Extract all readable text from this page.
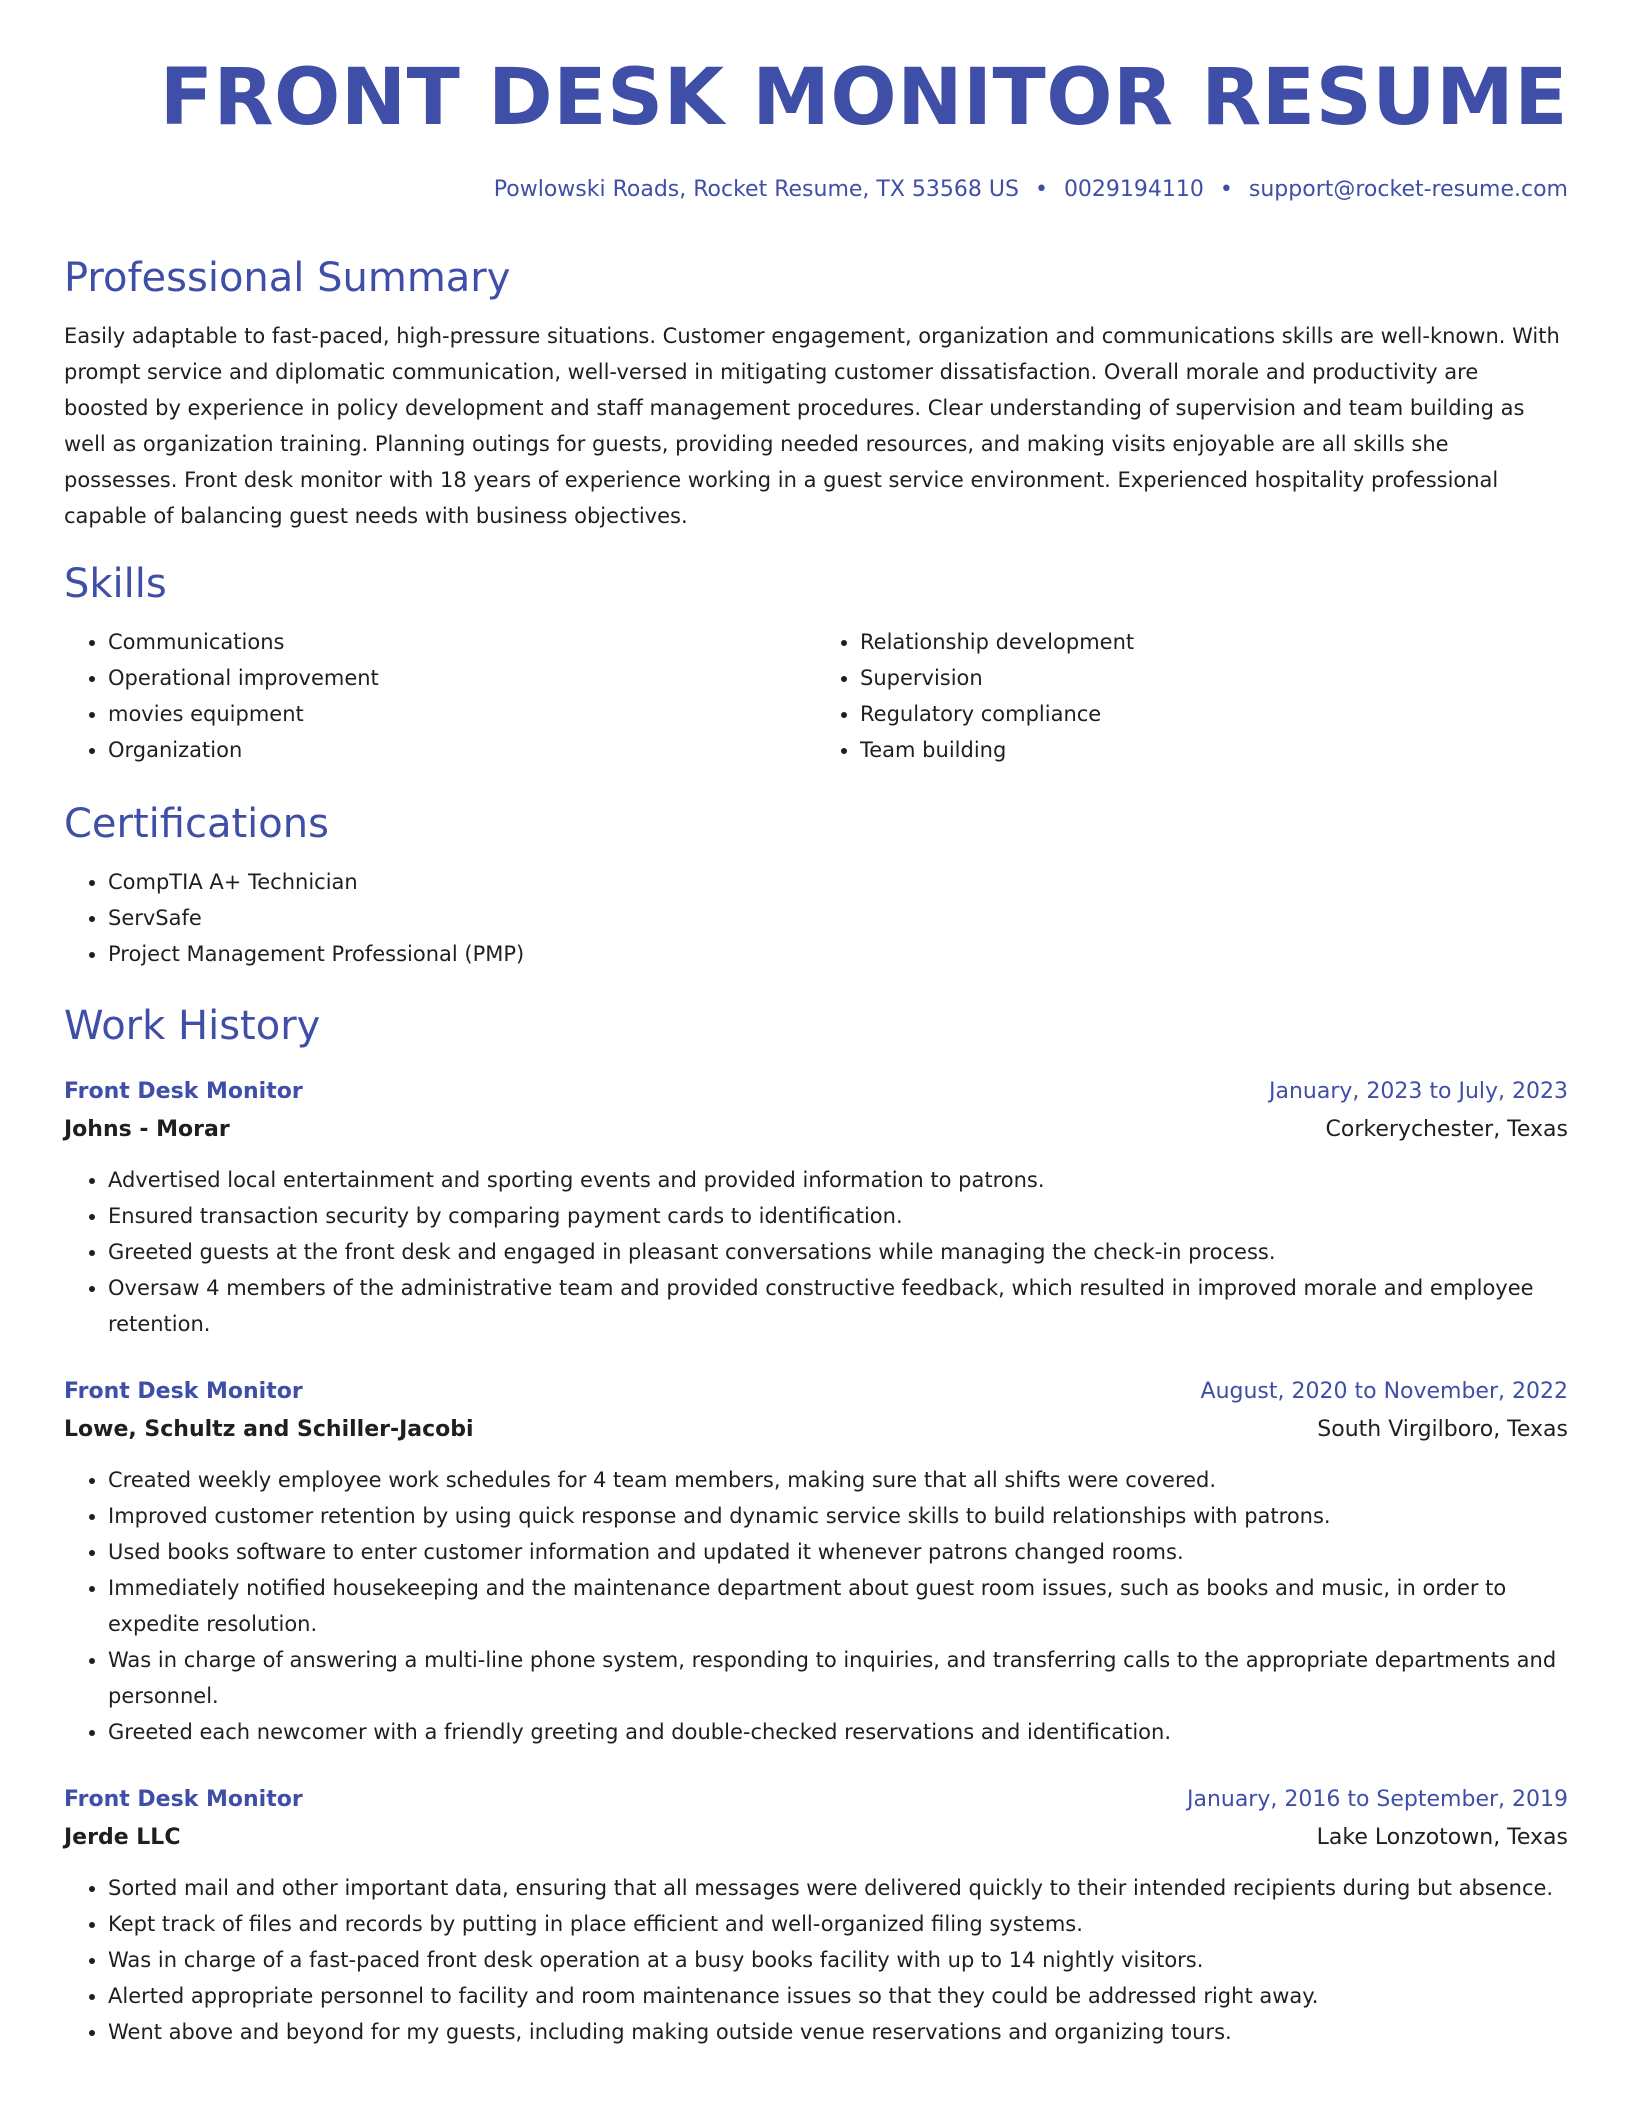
FRONT DESK MONITOR RESUME
Powlowski Roads, Rocket Resume, TX 53568 US • 0029194110 • support@rocket-resume.com
Professional Summary

Easily adaptable to fast-paced, high-pressure situations. Customer engagement, organization and communications skills are well-known. With prompt service and diplomatic communication, well-versed in mitigating customer dissatisfaction. Overall morale and productivity are boosted by experience in policy development and staff management procedures. Clear understanding of supervision and team building as well as organization training. Planning outings for guests, providing needed resources, and making visits enjoyable are all skills she possesses. Front desk monitor with 18 years of experience working in a guest service environment. Experienced hospitality professional capable of balancing guest needs with business objectives.

Skills
• Communications
• Operational improvement
• movies equipment
• Organization
• Relationship development
• Supervision
• Regulatory compliance
• Team building
Certifications
• CompTIA A+ Technician
• ServSafe
• Project Management Professional (PMP)
Work History
Front Desk Monitor	January, 2023 to July, 2023
Johns - Morar	Corkerychester, Texas
• Advertised local entertainment and sporting events and provided information to patrons.
• Ensured transaction security by comparing payment cards to identification.
• Greeted guests at the front desk and engaged in pleasant conversations while managing the check-in process.
• Oversaw 4 members of the administrative team and provided constructive feedback, which resulted in improved morale and employee retention.
Front Desk Monitor	August, 2020 to November, 2022
Lowe, Schultz and Schiller-Jacobi	South Virgilboro, Texas
• Created weekly employee work schedules for 4 team members, making sure that all shifts were covered.
• Improved customer retention by using quick response and dynamic service skills to build relationships with patrons.
• Used books software to enter customer information and updated it whenever patrons changed rooms.
• Immediately notified housekeeping and the maintenance department about guest room issues, such as books and music, in order to expedite resolution.
• Was in charge of answering a multi-line phone system, responding to inquiries, and transferring calls to the appropriate departments and personnel.
• Greeted each newcomer with a friendly greeting and double-checked reservations and identification.
Front Desk Monitor	January, 2016 to September, 2019
Jerde LLC	Lake Lonzotown, Texas
• Sorted mail and other important data, ensuring that all messages were delivered quickly to their intended recipients during but absence.
• Kept track of files and records by putting in place efficient and well-organized filing systems.
• Was in charge of a fast-paced front desk operation at a busy books facility with up to 14 nightly visitors.
• Alerted appropriate personnel to facility and room maintenance issues so that they could be addressed right away.
• Went above and beyond for my guests, including making outside venue reservations and organizing tours.
